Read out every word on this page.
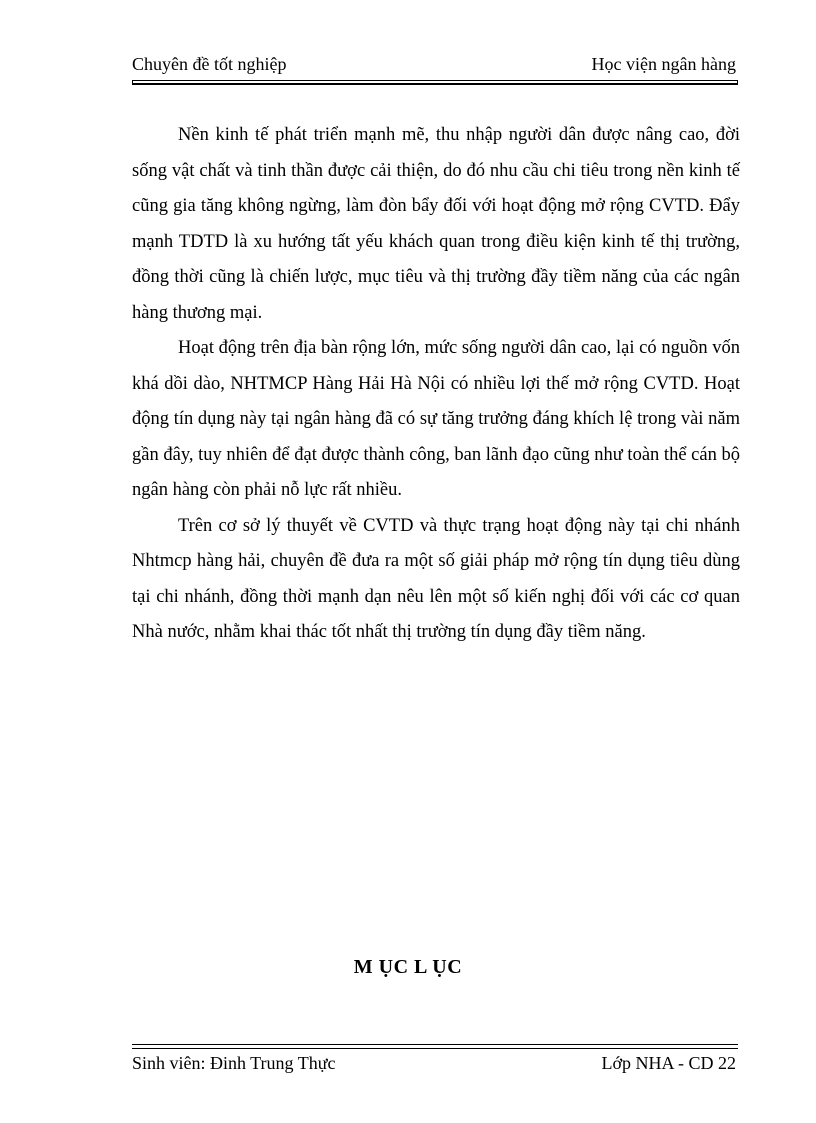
Chuyên đề tốt nghiệp	Học viện ngân hàng

Nền kinh tế phát triển mạnh mẽ, thu nhập người dân được nâng cao, đời sống vật chất và tinh thần được cải thiện, do đó nhu cầu chi tiêu trong nền kinh tế cũng gia tăng không ngừng, làm đòn bẩy đối với hoạt động mở rộng CVTD. Đẩy mạnh TDTD là xu hướng tất yếu khách quan trong điều kiện kinh tế thị trường, đồng thời cũng là chiến lược, mục tiêu và thị trường đầy tiềm năng của các ngân hàng thương mại.

Hoạt động trên địa bàn rộng lớn, mức sống người dân cao, lại có nguồn vốn khá dồi dào, NHTMCP Hàng Hải Hà Nội có nhiều lợi thế mở rộng CVTD. Hoạt động tín dụng này tại ngân hàng đã có sự tăng trưởng đáng khích lệ trong vài năm gần đây, tuy nhiên để đạt được thành công, ban lãnh đạo cũng như toàn thể cán bộ ngân hàng còn phải nỗ lực rất nhiều.

Trên cơ sở lý thuyết về CVTD và thực trạng hoạt động này tại chi nhánh Nhtmcp hàng hải, chuyên đề đưa ra một số giải pháp mở rộng tín dụng tiêu dùng tại chi nhánh, đồng thời mạnh dạn nêu lên một số kiến nghị đối với các cơ quan Nhà nước, nhằm khai thác tốt nhất thị trường tín dụng đầy tiềm năng.

M ỤC L ỤC
Sinh viên: Đinh Trung Thực	Lớp NHA - CD 22
